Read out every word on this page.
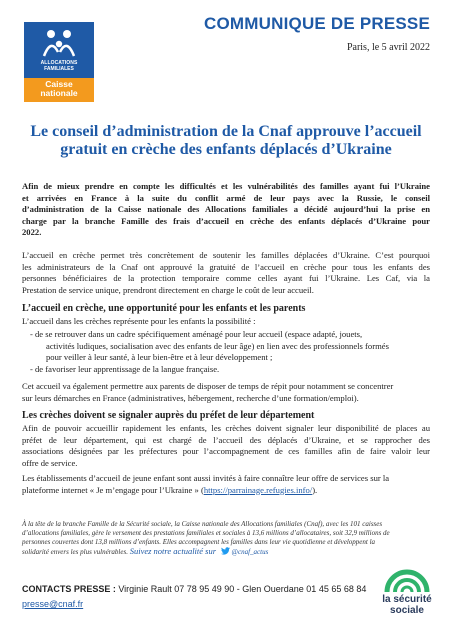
ALLOCATIONS
FAMILIALES
Caisse
nationale
COMMUNIQUE DE PRESSE
Paris, le 5 avril 2022
Le conseil d’administration de la Cnaf approuve l’accueil
gratuit en crèche des enfants déplacés d’Ukraine
Afin de mieux prendre en compte les difficultés et les vulnérabilités des familles ayant fui l’Ukraine
et arrivées en France à la suite du conflit armé de leur pays avec la Russie, le conseil
d’administration de la Caisse nationale des Allocations familiales a décidé aujourd’hui la prise en
charge par la branche Famille des frais d’accueil en crèche des enfants déplacés d’Ukraine pour
2022.
L’accueil en crèche permet très concrètement de soutenir les familles déplacées d’Ukraine. C’est pourquoi
les administrateurs de la Cnaf ont approuvé la gratuité de l’accueil en crèche pour tous les enfants des
personnes bénéficiaires de la protection temporaire comme celles ayant fui l’Ukraine. Les Caf, via la
Prestation de service unique, prendront directement en charge le coût de leur accueil.
L’accueil en crèche, une opportunité pour les enfants et les parents
L’accueil dans les crèches représente pour les enfants la possibilité :
- de se retrouver dans un cadre spécifiquement aménagé pour leur accueil (espace adapté, jouets,
activités ludiques, socialisation avec des enfants de leur âge) en lien avec des professionnels formés
pour veiller à leur santé, à leur bien-être et à leur développement ;
- de favoriser leur apprentissage de la langue française.
Cet accueil va également permettre aux parents de disposer de temps de répit pour notamment se concentrer
sur leurs démarches en France (administratives, hébergement, recherche d’une formation/emploi).
Les crèches doivent se signaler auprès du préfet de leur département
Afin de pouvoir accueillir rapidement les enfants, les crèches doivent signaler leur disponibilité de places au
préfet de leur département, qui est chargé de l’accueil des déplacés d’Ukraine, et se rapprocher des
associations désignées par les préfectures pour l’accompagnement de ces familles afin de faire valoir leur
offre de service.
Les établissements d’accueil de jeune enfant sont aussi invités à faire connaître leur offre de services sur la
plateforme internet « Je m’engage pour l’Ukraine » (https://parrainage.refugies.info/).
À la tête de la branche Famille de la Sécurité sociale, la Caisse nationale des Allocations familiales (Cnaf), avec les 101 caisses
d’allocations familiales, gère le versement des prestations familiales et sociales à 13,6 millions d’allocataires, soit 32,9 millions de
personnes couvertes dont 13,8 millions d’enfants. Elles accompagnent les familles dans leur vie quotidienne et développent la
solidarité envers les plus vulnérables. Suivez notre actualité sur @cnaf_actus
CONTACTS PRESSE : Virginie Rault 07 78 95 49 90 - Glen Ouerdane 01 45 65 68 84
presse@cnaf.fr	la sécurité
sociale
